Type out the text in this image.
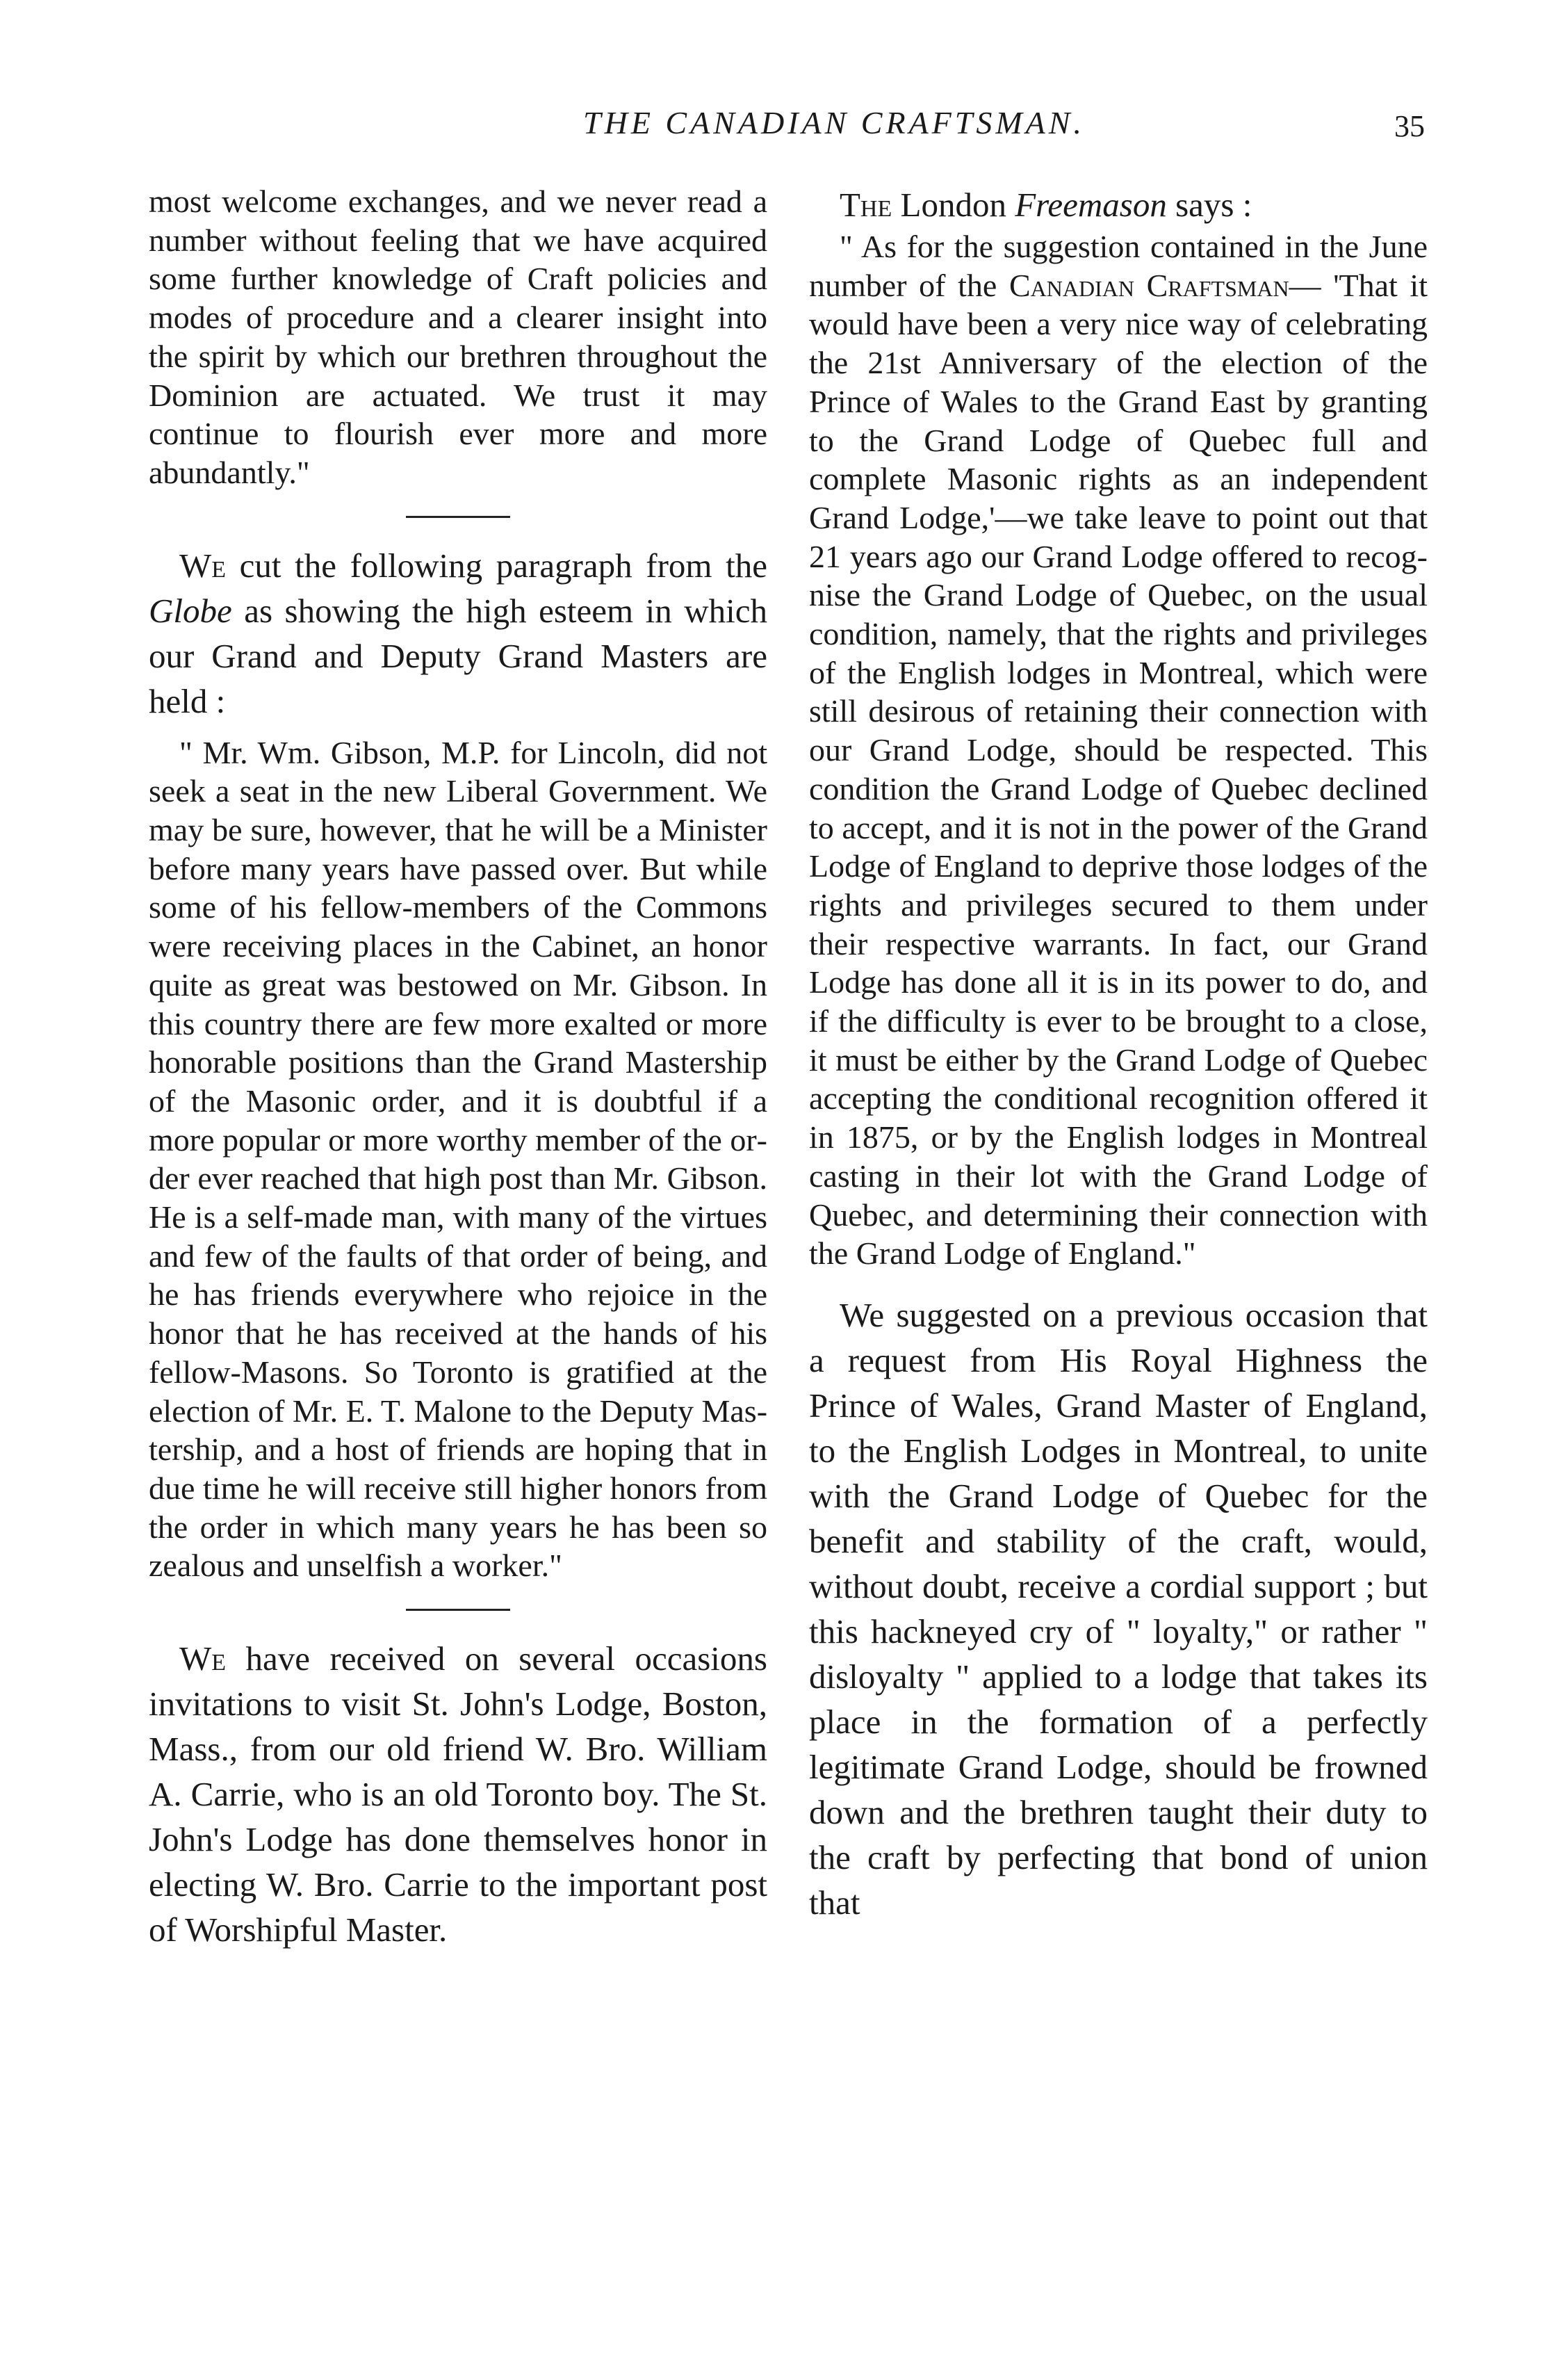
THE CANADIAN CRAFTSMAN.	35

most welcome exchanges, and we never read a number without feeling that we have acquired some further knowledge of Craft policies and modes of procedure and a clearer insight into the spirit by which our brethren throughout the Dominion are actuated. We trust it may continue to flourish ever more and more abundantly."

We cut the following paragraph from the Globe as showing the high esteem in which our Grand and Deputy Grand Masters are held :

" Mr. Wm. Gibson, M.P. for Lincoln, did not seek a seat in the new Liberal Government. We may be sure, however, that he will be a Minister before many years have passed over. But while some of his fellow-members of the Commons were receiving places in the Cabinet, an honor quite as great was bestowed on Mr. Gibson. In this country there are few more exalted or more honorable positions than the Grand Mastership of the Masonic order, and it is doubtful if a more popular or more worthy member of the order ever reached that high post than Mr. Gibson. He is a self-made man, with many of the virtues and few of the faults of that order of being, and he has friends everywhere who rejoice in the honor that he has received at the hands of his fellow-Masons. So Toronto is gratified at the election of Mr. E. T. Malone to the Deputy Mastership, and a host of friends are hoping that in due time he will receive still higher honors from the order in which many years he has been so zealous and unselfish a worker."

We have received on several occasions invitations to visit St. John's Lodge, Boston, Mass., from our old friend W. Bro. William A. Carrie, who is an old Toronto boy. The St. John's Lodge has done themselves honor in electing W. Bro. Carrie to the important post of Worshipful Master.

The London Freemason says :

" As for the suggestion contained in the June number of the Canadian Craftsman— 'That it would have been a very nice way of celebrating the 21st Anniversary of the election of the Prince of Wales to the Grand East by granting to the Grand Lodge of Quebec full and complete Masonic rights as an independent Grand Lodge,'—we take leave to point out that 21 years ago our Grand Lodge offered to recognise the Grand Lodge of Quebec, on the usual condition, namely, that the rights and privileges of the English lodges in Montreal, which were still desirous of retaining their connection with our Grand Lodge, should be respected. This condition the Grand Lodge of Quebec declined to accept, and it is not in the power of the Grand Lodge of England to deprive those lodges of the rights and privileges secured to them under their respective warrants. In fact, our Grand Lodge has done all it is in its power to do, and if the difficulty is ever to be brought to a close, it must be either by the Grand Lodge of Quebec accepting the conditional recognition offered it in 1875, or by the English lodges in Montreal casting in their lot with the Grand Lodge of Quebec, and determining their connection with the Grand Lodge of England."

We suggested on a previous occasion that a request from His Royal Highness the Prince of Wales, Grand Master of England, to the English Lodges in Montreal, to unite with the Grand Lodge of Quebec for the benefit and stability of the craft, would, without doubt, receive a cordial support ; but this hackneyed cry of " loyalty," or rather " disloyalty " applied to a lodge that takes its place in the formation of a perfectly legitimate Grand Lodge, should be frowned down and the brethren taught their duty to the craft by perfecting that bond of union that
